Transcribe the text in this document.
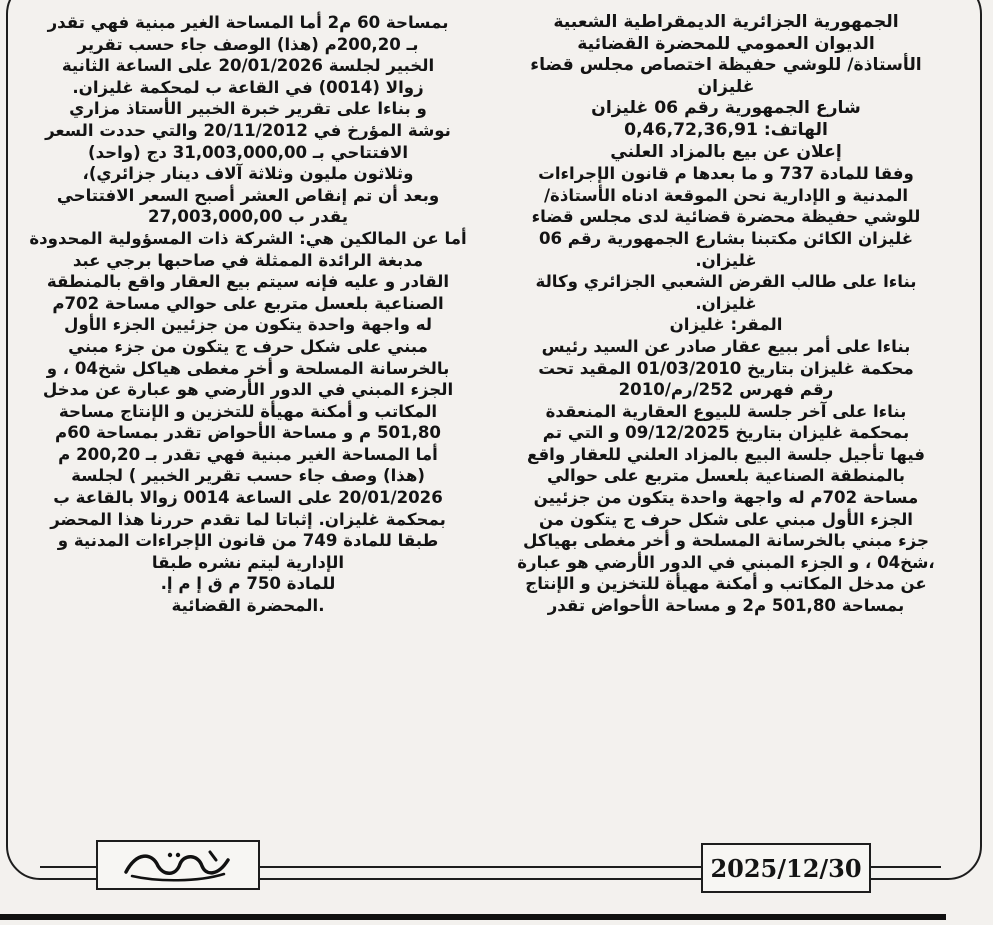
الجمهورية الجزائرية الديمقراطية الشعبية
الديوان العمومي للمحضرة القضائية
الأستاذة/ للوشي حفيظة اختصاص مجلس قضاء
غليزان
شارع الجمهورية رقم 06 غليزان
الهاتف: 0,46,72,36,91
إعلان عن بيع بالمزاد العلني
وفقا للمادة 737 و ما بعدها م قانون الإجراءات
المدنية و الإدارية نحن الموقعة ادناه الأستاذة/
للوشي حفيظة محضرة قضائية لدى مجلس قضاء
غليزان الكائن مكتبنا بشارع الجمهورية رقم 06
غليزان.
بناءا على طالب القرض الشعبي الجزائري وكالة
غليزان.
المقر: غليزان
بناءا على أمر ببيع عقار صادر عن السيد رئيس
محكمة غليزان بتاريخ 01/03/2010 المقيد تحت
رقم فهرس 252/رم/2010
بناءا على آخر جلسة للبيوع العقارية المنعقدة
بمحكمة غليزان بتاريخ 09/12/2025 و التي تم
فيها تأجيل جلسة البيع بالمزاد العلني للعقار واقع
بالمنطقة الصناعية بلعسل متربع على حوالي
مساحة 702م له واجهة واحدة يتكون من جزئيين
الجزء الأول مبني على شكل حرف ج يتكون من
جزء مبني بالخرسانة المسلحة و أخر مغطى بهياكل
،شخ04 ، و الجزء المبني في الدور الأرضي هو عبارة
عن مدخل المكاتب و أمكنة مهيأة للتخزين و الإنتاج
بمساحة 501,80 م2 و مساحة الأحواض تقدر
بمساحة 60 م2 أما المساحة الغير مبنية فهي تقدر
بـ 200,20م (هذا) الوصف جاء حسب تقرير
الخبير لجلسة 20/01/2026 على الساعة الثانية
زوالا (0014) في القاعة ب لمحكمة غليزان.
و بناءا على تقرير خبرة الخبير الأستاذ مزاري
نوشة المؤرخ في 20/11/2012 والتي حددت السعر
الافتتاحي بـ 31,003,000,00 دج (واحد)
وثلاثون مليون وثلاثة آلاف دينار جزائري)،
وبعد أن تم إنقاص العشر أصبح السعر الافتتاحي
يقدر ب 27,003,000,00
أما عن المالكين هي: الشركة ذات المسؤولية المحدودة
مدبغة الرائدة الممثلة في صاحبها برجي عبد
القادر و عليه فإنه سيتم بيع العقار واقع بالمنطقة
الصناعية بلعسل متربع على حوالي مساحة 702م
له واجهة واحدة يتكون من جزئيين الجزء الأول
مبني على شكل حرف ج يتكون من جزء مبني
بالخرسانة المسلحة و أخر مغطى هياكل شخ04 ، و
الجزء المبني في الدور الأرضي هو عبارة عن مدخل
المكاتب و أمكنة مهيأة للتخزين و الإنتاج مساحة
501,80 م و مساحة الأحواض تقدر بمساحة 60م
أما المساحة الغير مبنية فهي تقدر بـ 200,20 م
(هذا) وصف جاء حسب تقرير الخبير ) لجلسة
20/01/2026 على الساعة 0014 زوالا بالقاعة ب
بمحكمة غليزان. إثباتا لما تقدم حررنا هذا المحضر
طبقا للمادة 749 من قانون الإجراءات المدنية و
الإدارية ليتم نشره طبقا
للمادة 750 م ق إ م إ.
.المحضرة القضائية
2025/12/30
